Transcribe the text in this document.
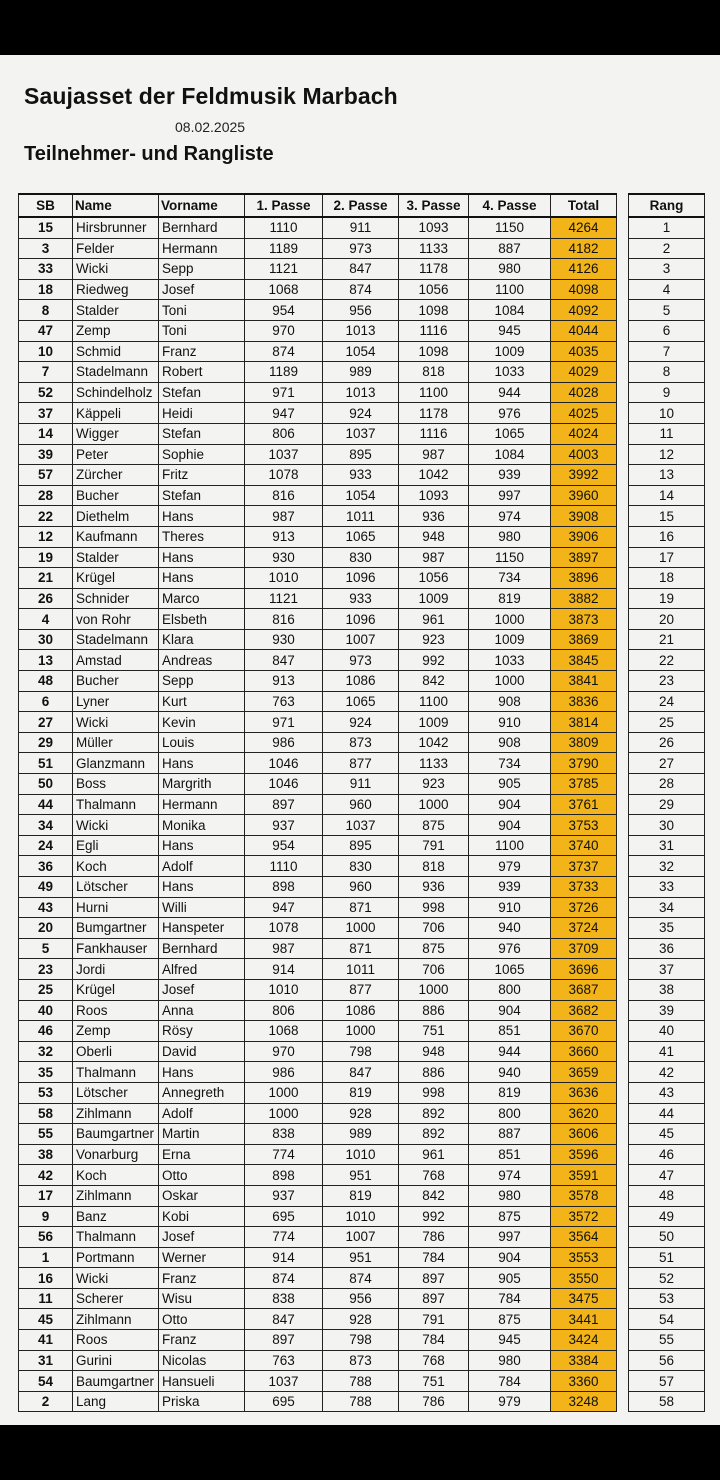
Saujasset der Feldmusik Marbach
08.02.2025
Teilnehmer- und Rangliste
SB	Name	Vorname	1. Passe	2. Passe	3. Passe	4. Passe	Total		Rang
15	Hirsbrunner	Bernhard	1110	911	1093	1150	4264		1
3	Felder	Hermann	1189	973	1133	887	4182		2
33	Wicki	Sepp	1121	847	1178	980	4126		3
18	Riedweg	Josef	1068	874	1056	1100	4098		4
8	Stalder	Toni	954	956	1098	1084	4092		5
47	Zemp	Toni	970	1013	1116	945	4044		6
10	Schmid	Franz	874	1054	1098	1009	4035		7
7	Stadelmann	Robert	1189	989	818	1033	4029		8
52	Schindelholz	Stefan	971	1013	1100	944	4028		9
37	Käppeli	Heidi	947	924	1178	976	4025		10
14	Wigger	Stefan	806	1037	1116	1065	4024		11
39	Peter	Sophie	1037	895	987	1084	4003		12
57	Zürcher	Fritz	1078	933	1042	939	3992		13
28	Bucher	Stefan	816	1054	1093	997	3960		14
22	Diethelm	Hans	987	1011	936	974	3908		15
12	Kaufmann	Theres	913	1065	948	980	3906		16
19	Stalder	Hans	930	830	987	1150	3897		17
21	Krügel	Hans	1010	1096	1056	734	3896		18
26	Schnider	Marco	1121	933	1009	819	3882		19
4	von Rohr	Elsbeth	816	1096	961	1000	3873		20
30	Stadelmann	Klara	930	1007	923	1009	3869		21
13	Amstad	Andreas	847	973	992	1033	3845		22
48	Bucher	Sepp	913	1086	842	1000	3841		23
6	Lyner	Kurt	763	1065	1100	908	3836		24
27	Wicki	Kevin	971	924	1009	910	3814		25
29	Müller	Louis	986	873	1042	908	3809		26
51	Glanzmann	Hans	1046	877	1133	734	3790		27
50	Boss	Margrith	1046	911	923	905	3785		28
44	Thalmann	Hermann	897	960	1000	904	3761		29
34	Wicki	Monika	937	1037	875	904	3753		30
24	Egli	Hans	954	895	791	1100	3740		31
36	Koch	Adolf	1110	830	818	979	3737		32
49	Lötscher	Hans	898	960	936	939	3733		33
43	Hurni	Willi	947	871	998	910	3726		34
20	Bumgartner	Hanspeter	1078	1000	706	940	3724		35
5	Fankhauser	Bernhard	987	871	875	976	3709		36
23	Jordi	Alfred	914	1011	706	1065	3696		37
25	Krügel	Josef	1010	877	1000	800	3687		38
40	Roos	Anna	806	1086	886	904	3682		39
46	Zemp	Rösy	1068	1000	751	851	3670		40
32	Oberli	David	970	798	948	944	3660		41
35	Thalmann	Hans	986	847	886	940	3659		42
53	Lötscher	Annegreth	1000	819	998	819	3636		43
58	Zihlmann	Adolf	1000	928	892	800	3620		44
55	Baumgartner	Martin	838	989	892	887	3606		45
38	Vonarburg	Erna	774	1010	961	851	3596		46
42	Koch	Otto	898	951	768	974	3591		47
17	Zihlmann	Oskar	937	819	842	980	3578		48
9	Banz	Kobi	695	1010	992	875	3572		49
56	Thalmann	Josef	774	1007	786	997	3564		50
1	Portmann	Werner	914	951	784	904	3553		51
16	Wicki	Franz	874	874	897	905	3550		52
11	Scherer	Wisu	838	956	897	784	3475		53
45	Zihlmann	Otto	847	928	791	875	3441		54
41	Roos	Franz	897	798	784	945	3424		55
31	Gurini	Nicolas	763	873	768	980	3384		56
54	Baumgartner	Hansueli	1037	788	751	784	3360		57
2	Lang	Priska	695	788	786	979	3248		58
